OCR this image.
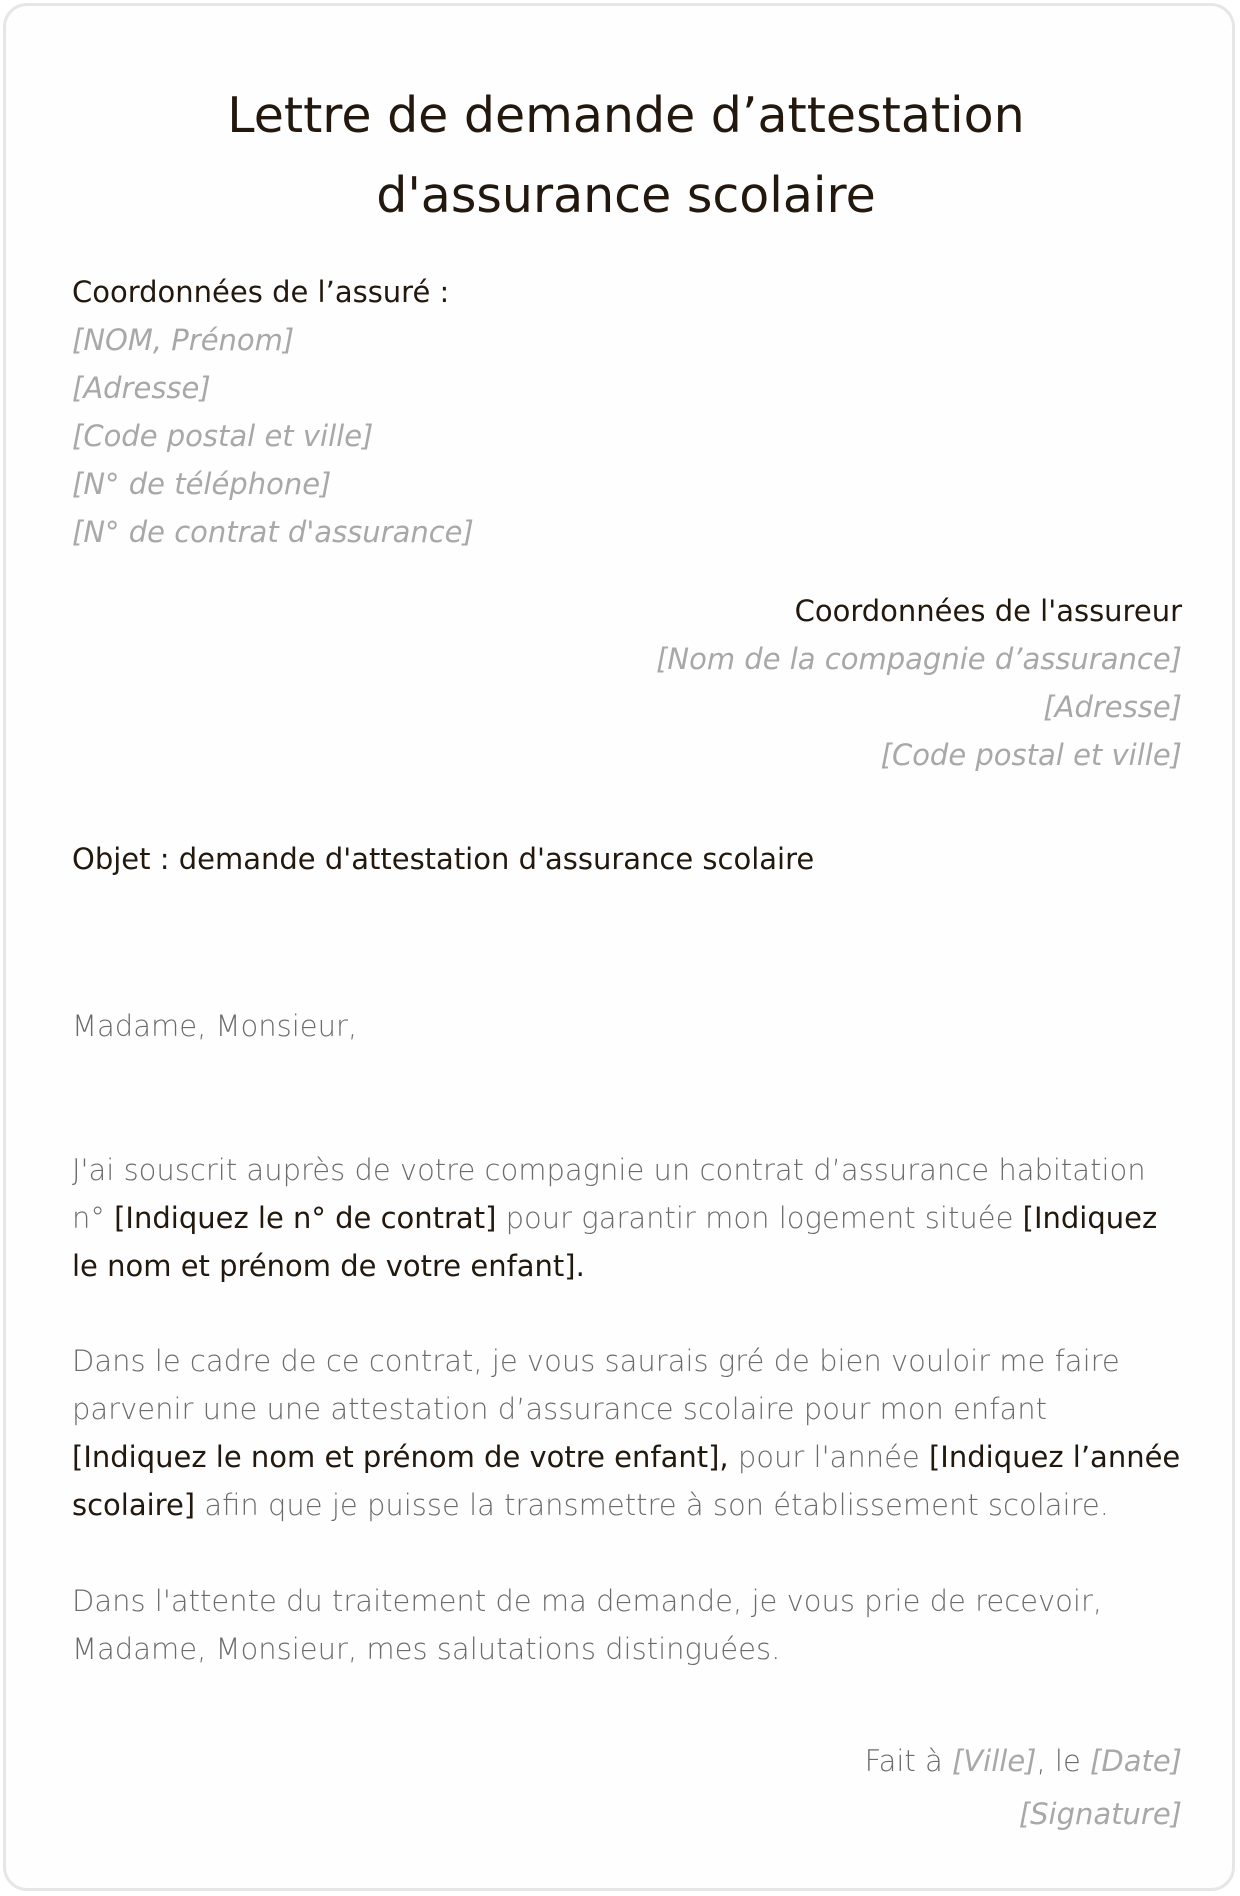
Lettre de demande d’attestation
d'assurance scolaire
Coordonnées de l’assuré :
[NOM, Prénom]
[Adresse]
[Code postal et ville]
[N° de téléphone]
[N° de contrat d'assurance]
Coordonnées de l'assureur
[Nom de la compagnie d’assurance]
[Adresse]
[Code postal et ville]
Objet : demande d'attestation d'assurance scolaire
Madame, Monsieur,

J'ai souscrit auprès de votre compagnie un contrat d’assurance habitation n° [Indiquez le n° de contrat] pour garantir mon logement située [Indiquez le nom et prénom de votre enfant].

Dans le cadre de ce contrat, je vous saurais gré de bien vouloir me faire parvenir une une attestation d’assurance scolaire pour mon enfant [Indiquez le nom et prénom de votre enfant], pour l'année [Indiquez l’année scolaire] afin que je puisse la transmettre à son établissement scolaire.

Dans l'attente du traitement de ma demande, je vous prie de recevoir, Madame, Monsieur, mes salutations distinguées.

Fait à [Ville], le [Date]
[Signature]
